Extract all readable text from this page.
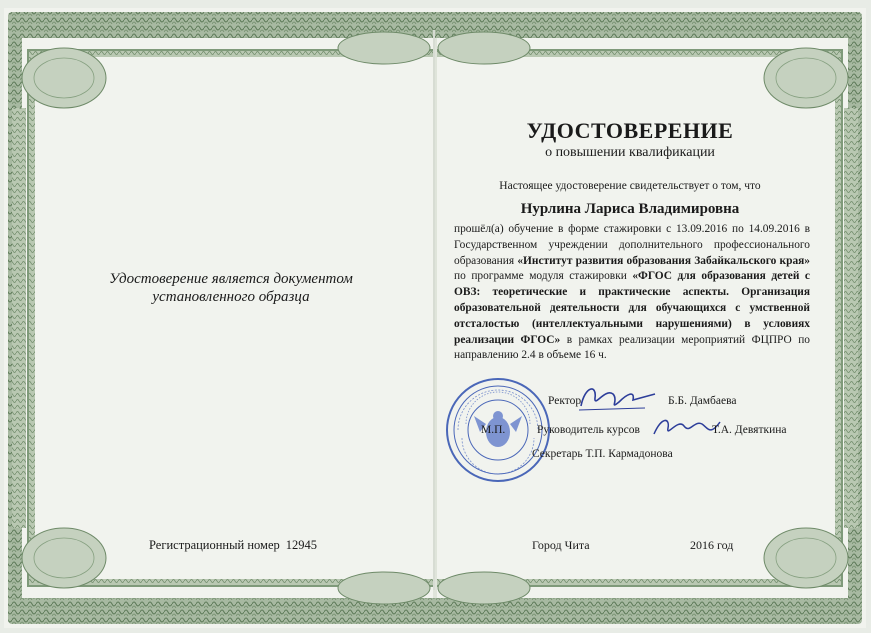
Удостоверение является документом
установленного образца
Регистрационный номер 12945
УДОСТОВЕРЕНИЕ
о повышении квалификации
Настоящее удостоверение свидетельствует о том, что
Нурлина Лариса Владимировна
прошёл(а) обучение в форме стажировки с 13.09.2016 по 14.09.2016 в Государственном учреждении дополнительного профессионального образования «Институт развития образования Забайкальского края» по программе модуля стажировки «ФГОС для образования детей с ОВЗ: теоретические и практические аспекты. Организация образовательной деятельности для обучающихся с умственной отсталостью (интеллектуальными нарушениями) в условиях реализации ФГОС» в рамках реализации мероприятий ФЦПРО по направлению 2.4 в объеме 16 ч.
Ректор	Б.Б. Дамбаева
М.П.	Руководитель курсов	Т.А. Девяткина
Секретарь Т.П. Кармадонова
Город Чита	2016 год
